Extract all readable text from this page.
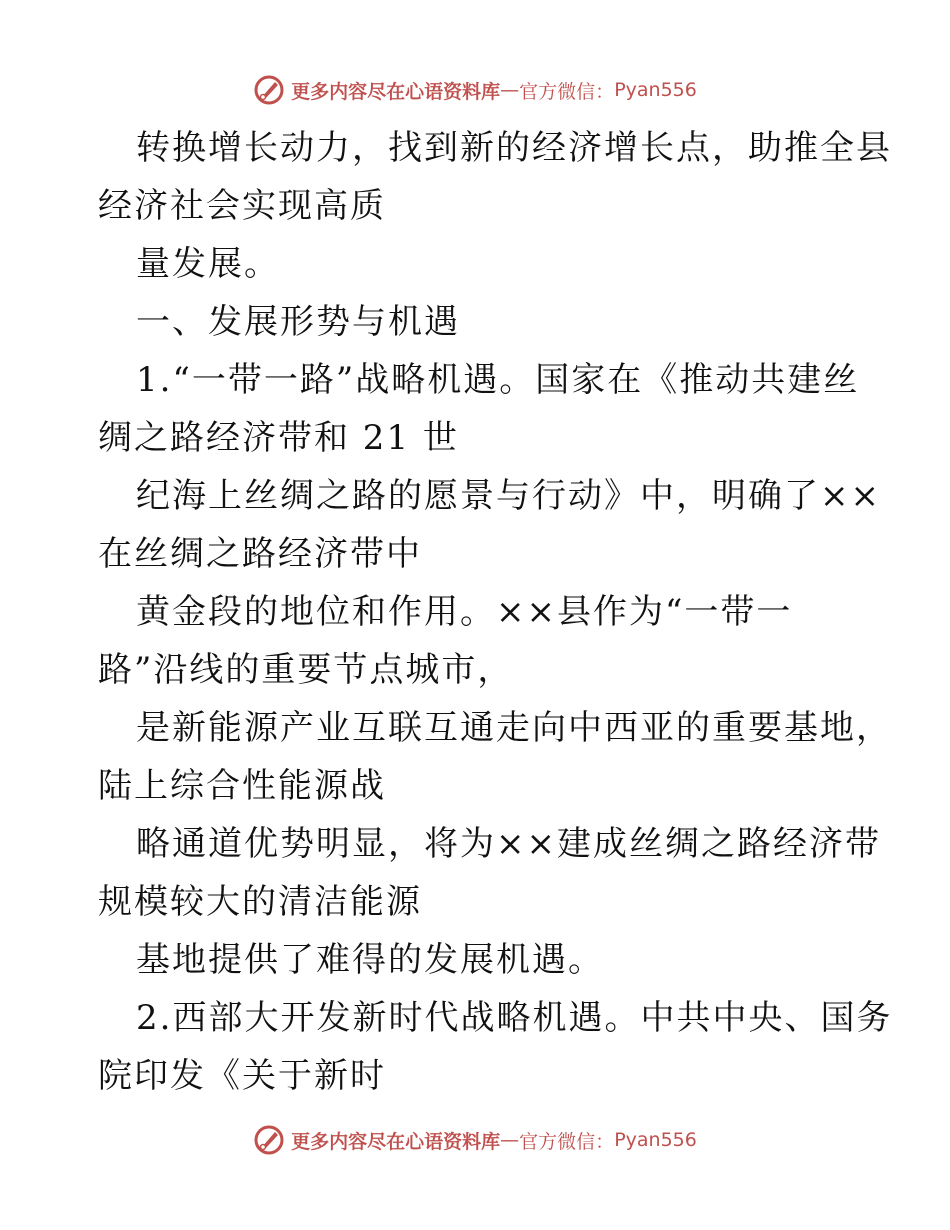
更多内容尽在心语资料库 — 官方微信： Pyan556
转换增长动力，找到新的经济增长点，助推全县
经济社会实现高质
量发展。
一、发展形势与机遇
1.“一带一路”战略机遇。国家在《推动共建丝
绸之路经济带和 21 世
纪海上丝绸之路的愿景与行动》中，明确了××
在丝绸之路经济带中
黄金段的地位和作用。××县作为“一带一
路”沿线的重要节点城市，
是新能源产业互联互通走向中西亚的重要基地，
陆上综合性能源战
略通道优势明显，将为××建成丝绸之路经济带
规模较大的清洁能源
基地提供了难得的发展机遇。
2.西部大开发新时代战略机遇。中共中央、国务
院印发《关于新时
更多内容尽在心语资料库 — 官方微信： Pyan556
